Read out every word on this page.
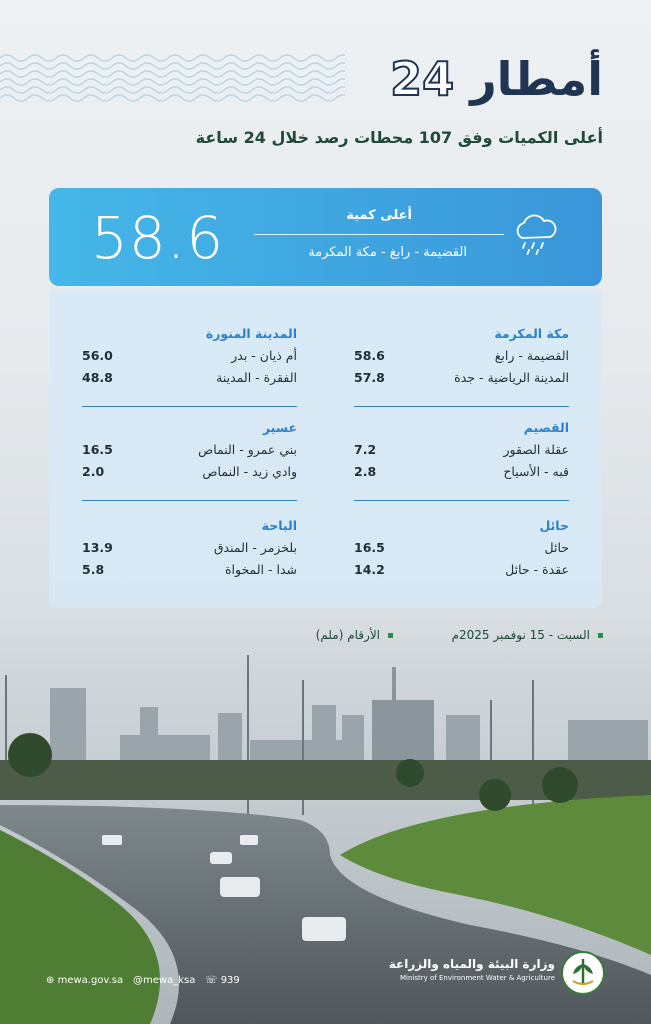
أمطار 24
أعلى الكميات وفق 107 محطات رصد خلال 24 ساعة
58.6	أعلى كمية
القضيمة - رابغ - مكة المكرمة
مكة المكرمة
القضيمة - رابغ
58.6
المدينة الرياضية - جدة
57.8
القصيم
عقلة الصقور
7.2
قبه - الأسياح
2.8
حائل
حائل
16.5
عقدة - حائل
14.2
المدينة المنورة
أم ذيان - بدر
56.0
الفقرة - المدينة
48.8
عسير
بني عمرو - النماص
16.5
وادي زيد - النماص
2.0
الباحة
بلخزمر - المندق
13.9
شدا - المخواة
5.8
السبت - 15 نوفمبر 2025م
الأرقام (ملم)
⊕ mewa.gov.sa @mewa_ksa ☏ 939
وزارة البيئة والمياه والزراعة
Ministry of Environment Water & Agriculture
